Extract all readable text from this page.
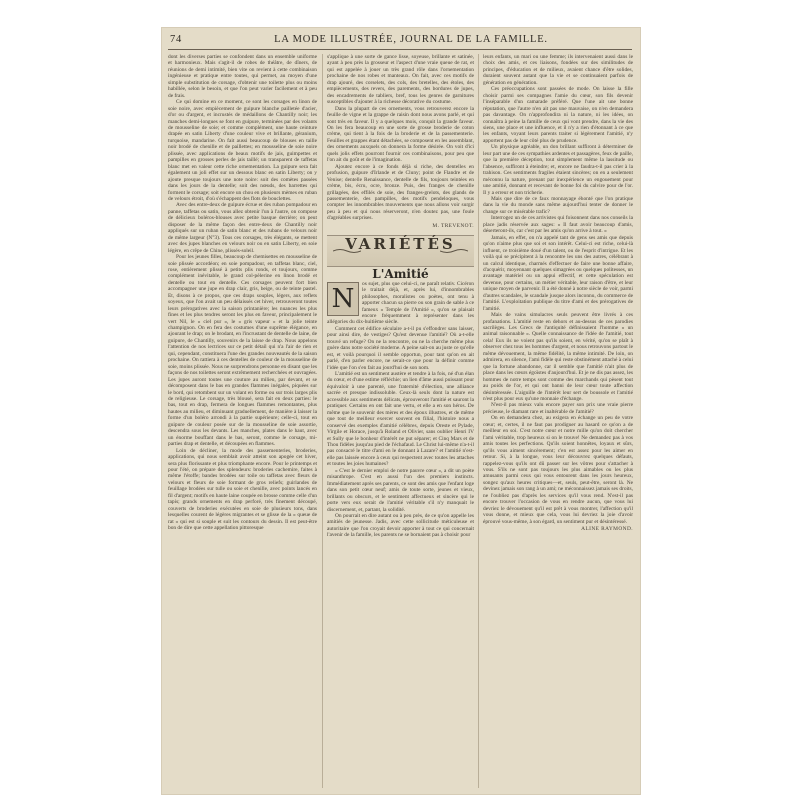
74	LA MODE ILLUSTRÉE, JOURNAL DE LA FAMILLE.

dont les diverses parties se confondent dans un ensemble uniforme et harmonieux. Mais s'agit-il de robes de théâtre, de dîners, de réunions de demi intimité, bien vite on revient à cette combinaison ingénieuse et pratique entre toutes, qui permet, au moyen d'une simple substitution de corsage, d'obtenir une toilette plus ou moins habillée, selon le besoin, et que l'on peut varier facilement et à peu de frais.

Ce qui domine en ce moment, ce sont les corsages en linon de soie noire, avec empiècement de guipure blanche pailletée d'acier, d'or ou d'argent, et incrustés de médaillons de Chantilly noir; les manches demi-longues se font en guipure, terminées par des volants de mousseline de soie; et comme complément, une haute ceinture drapée en satin Liberty d'une couleur vive et brillante, géranium, turquoise, mandarine. On fait aussi beaucoup de blouses en taille noir brodé de chenille et de paillettes; en mousseline de soie noire plissée, avec applications de beaux motifs de jais, guimpettes et pampilles en grosses perles de jais taillé; un transparent de taffetas blanc met en valeur cette riche ornementation. La guipure sera fait également un joli effet sur un dessous blanc en satin Liberty; on y ajoute presque toujours une note noire: soit des comètes passées dans les jours de la dentelle; soit des nœuds, des barrettes qui forment le corsage; soit encore un chou en plusieurs mèmes en ruban de velours étroit, d'où s'échappent des flots de bouclettes.

Avec des entre-deux de guipure écrue et des ruban pompadour en panne, taffetas ou satin, vous allez obtenir l'un à l'autre, on compose de délicieux boléros-blouses avec petite basque derrière; on peut disposer de la même façon des entre-deux de Chantilly noir appliqués sur un ruban de satin blanc et des rubans de velours noir de même largeur (N°3). Tous ces corsages, très élégants, se mettent avec des jupes blanches en velours noir ou en satin Liberty, en soie légère, en crêpe de Chine, plissés-soleil.

Pour les jeunes filles, beaucoup de chemisettes en mousseline de soie plissée accordéon; en soie pompadour, en taffetas blanc, ciel, rose, entièrement plissé à petits plis ronds, et toujours, comme complément inévitable, le grand col-pèlerine en linon brodé et dentelle ou tout en dentelle. Ces corsages peuvent fort bien accompagner une jupe en drap clair, gris, beige, ou de teinte pastel. Et, disons à ce propos, que ces draps souples, légers, aux reflets soyeux, que l'on avait un peu délaissés cet hiver, retrouveront toutes leurs prérogatives avec la saison printanière; les nuances les plus fines et les plus tendres seront les plus en faveur, principalement le vert Nil, le « ciel pur », le « gris vapeur » et la jolie teinte champignon. On en fera des costumes d'une suprême élégance, en ajourant le drap; on le brodant, en l'incrustant de dentelle de laine, de guipure, de Chantilly, souvenirs de la laisse de drap. Nous appelons l'attention de nos lectrices sur ce petit détail qui n'a l'air de rien et qui, cependant, constituera l'une des grandes nouveautés de la saison prochaine. On rattiera à ces dentelles de couleur de la mousseline de soie, moins plissée. Nous ne surprendrons personne en disant que les façons de nos toilettes seront extrêmement recherchées et ouvragées. Les jupes auront toutes une couture au milieu, par devant, et se décomposent dans le bas en grandes flammes inégales, piquées sur le bord, qui retombent sur un volant en forme ou sur trois larges plis de religieuse. Le corsage, très blousé, sera fait en deux parties: le bas, tout en drap, fermera de longues flammes remontantes, plus hautes au milieu, et diminuant graduellement, de manière à laisser la forme d'un boléro arrondi à la partie supérieure; celle-ci, tout en guipure de couleur posée sur de la mousseline de soie assortie, descendra sous les devants. Les manches, plates dans le haut, avec un énorme bouffant dans le bas, seront, comme le corsage, mi-parties drap et dentelle, et découpées en flammes.

Loin de décliner, la mode des passementeries, broderies, applications, qui nous semblait avoir atteint son apogée cet hiver, sera plus florissante et plus triomphante encore. Pour le printemps et pour l'été, on prépare des splendeurs: broderies cachemire, faites à même l'étoffe; bandes brodées sur toile ou taffetas avec fleurs de velours et fleurs de soie formant de gros reliefs; guirlandes de feuillage brodées sur tulle ou soie et chenille, avec points lancés en fil d'argent; motifs en haute laine coupée en brosse comme celle d'un tapis; grands ornements en drap perforé, très finement découpé, couverts de broderies exécutées en soie de plusieurs tons, dans lesquelles courent de légères migrantes et se glisse de la « queue de rat » qui est si souple et suit les contours du dessin. Il est peut-être bon de dire que cette appellation pittoresque

s'applique à une sorte de gance lisse, soyeuse, brillante et satinée, ayant à peu près la grosseur et l'aspect d'une vraie queue de rat, et qui est appelée à jouer un très grand rôle dans l'ornementation prochaine de nos robes et manteaux. On fait, avec ces motifs de drap ajouré, des corselets, des cols, des bretelles, des étoles, des empiècements, des revers, des parements, des bordures de jupes, des encadrements de tabliers, bref, tous les genres de garnitures susceptibles d'ajouter à la richesse décorative du costume.

Dans la plupart de ces ornements, vous retrouverez encore la feuille de vigne et la grappe de raisin dont nous avons parlé, et qui sont très en faveur. Il y a quelques mois, conquit la grande faveur. On les fera beaucoup en une sorte de grosse broderie de coton crème, qui tient à la fois de la broderie et de la passementerie. Feuilles et grappes étant détachées, se composent en les assemblant, des ornements auxquels on donnera la forme désirée. On voit d'ici quels jolis effets pourront fournir ces combinaisons, pour peu que l'on ait du goût et de l'imagination.

Ajoutez encore à ce fonds déjà si riche, des dentelles en profusion, guipure d'Irlande et de Cluny; point de Flandre et de Venise; dentelle Renaissance, dentelle de fils, toujours teintées en crème, bis, écru, ocre, bronze. Puis, des franges de chenille grillagées, des effilés de soie, des franges-grelots, des glands de passementerie, des pampilles, des motifs pendeloques, vous compter les innombrables mouvements que nous allons voir surgir peu à peu et qui nous réserveront, n'en doutez pas, une foule d'agréables surprises.

M. TREVENOT.

VARIÉTÉS
L'Amitié
N	os sujet, plus que celui-ci, ne paraît relativ. Cicéron le traitait déjà, et, après lui, d'innombrables philosophes, moralistes ou poètes, ont tenu à apporter chacun sa pierre ou son grain de sable à ce fameux « Temple de l'Amitié », qu'on se plaisait encore fréquemment à représenter dans les allégories du dix-huitième siècle.

Comment cet édifice séculaire a-t-il pu s'effondrer sans laisser, pour ainsi dire, de vestiges? Qu'est devenue l'amitié? Où a-t-elle trouvé un refuge? On ne la rencontre, ou ne la cherche même plus guère dans notre société moderne. A peine sait-on au juste ce qu'elle est, et voilà pourquoi il semble opportun, pour tant qu'on en ait parlé, d'en parler encore, ne serait-ce que pour la définir comme l'idée que l'on s'en fait au jourd'hui de son nom.

L'amitié est un sentiment austère et tendre à la fois, né d'un élan du cœur, et d'une estime réfléchie; un lien d'âme aussi puissant pour équivaloir à une parenté, une fraternité d'élection, une alliance sacrée et presque indissoluble. Ceux-là seuls dont la nature est accessible aux sentiments délicats, éprouveront l'amitié et sauront la pratiquer. Certains en ont fait une vertu, et elle a en son héros. De même que le souvenir des mères et des époux illustres, et de même que tout de meilleur exercer souvent en filial, l'histoire nous a conservé des exemples d'amitié célèbres, depuis Oreste et Pylade, Virgile et Horace, jusqu'à Roland et Olivier, sans oublier Henri IV et Sully que le bonheur d'intérêt ne put séparer; et Cinq Mars et de Thou fidèles jusqu'au pied de l'échafaud. Le Christ lui-même n'a-t-il pas consacré le titre d'ami en le donnant à Lazare? et l'amitié n'est-elle pas laissée encore à ceux qui respectent avec toutes les attaches et toutes les joies humaines?

« C'est le dernier emploi de notre pauvre cœur », a dit un poète misanthrope. C'est en aussi l'un des premiers instincts. Immédiatement après ses parents, ce sont des amis que l'enfant loge dans son petit cœur neuf; amis de toute sorte, jeunes et vieux, brillants ou obscurs, et le sentiment affectueux et sincère qui le porte vers eux serait de l'amitié véritable s'il n'y manquait le discernement, et, partant, la solidité.

On pourrait en dire autant ou à peu près, de ce qu'on appelle les amitiés de jeunesse. Jadis, avec cette sollicitude méticuleuse et autoritaire que l'on croyait devoir apporter à tout ce qui concernait l'avenir de la famille, les parents ne se bornaient pas à choisir pour

leurs enfants, un mari ou une femme; ils intervenaient aussi dans le choix des amis, et ces liaisons, fondées sur des similitudes de principes, d'éducation et de milieux, avaient chance d'être solides, duraient souvent autant que la vie et se continuaient parfois de génération en génération.

Ces préoccupations sont passées de mode. On laisse la fille choisir parmi ses compagnes l'amie du cœur, son fils devenir l'inséparable d'un camarade préféré. Que l'une ait une bonne réputation, que l'autre n'en ait pas une mauvaise, on n'en demandera pas davantage. On n'approfondira ni la nature, ni les idées, on connaîtra à peine la famille de ceux qui vont prendre, dans la vie des siens, une place et une influence, et il n'y a rien d'étonnant à ce que les enfants, voyant leurs parents traiter si légèrement l'amitié, n'y apportent pas de leur côté plus de prudence.

Un physique agréable, un don brillant suffiront à déterminer de leur part une de ces sympathies ardentes et passagères, feux de paille, que la première déception, tout simplement même la lassitude ou l'absence, suffiront à éteindre; et, encore ne faudra-t-il pas crier à la trahison. Ces sentiments fragiles étaient sincères; on en a seulement méconnu la nature, prenant par inexpérience un engouement pour une amitié, donnant et recevant de bonne foi du calvire pour de l'or. Il y a erreur et non tricherie.

Mais que dire de ce faux monnayage éhonté que l'on pratique dans la vie du monde sans même aujourd'hui tenter de donner le change sur ce misérable trafic?

Interrogez un de ces arrivistes qui foisonnent dans nos conseils la place jadis réservée aux sages: « Il faut avoir beaucoup d'amis, déserteront-ils, car c'est par les amis qu'on arrive à tout. »

Jamais, en effet, on n'a appelé tant de gens ses amis que depuis qu'on n'aime plus que soi et son intérêt. Celui-ci est riche, celui-là influent, ce troisième doué d'un talent, ou de l'esprit d'intrigue. Et les voilà qui se précipitent à la rencontre les uns des autres, célébrant à un calcul identique, charmés d'effectuer de faire une bonne affaire, d'acquérir, moyennant quelques simagrées ou quelques politesses, un avantage matériel ou un appui effectif, et cette spéculation est devenue, pour certains, un métier véritable, leur raison d'être, et leur unique moyen de parvenir. Il a été donné à notre siècle de voir, parmi d'autres scandales, le scandale jusque alors inconnu, du commerce de l'amitié. L'exploitation publique du titre d'ami et des prérogatives de l'amitié.

Mais de vains simulacres seuls peuvent être livrés à ces profanations. L'amitié reste en dehors et au-dessus de ces parodies sacrilèges. Les Grecs de l'antiquité définissaient l'homme « un animal raisonnable ». Quelle connaissance de l'idée de l'amitié, tout cela! Eux ils ne voient pas qu'ils soient, en vérité, qu'on se plaît à observer chez tous les hommes d'argent, et nous retrouvons partout le même dévouement, la même fidélité, la même intimité. De loin, on admirera, en silence, l'ami fidèle qui reste obstinément attaché à celui que la fortune abandonne, car il semble que l'amitié n'ait plus de place dans les cœurs égoïstes d'aujourd'hui. Et je ne dis pas assez, les hommes de notre temps sont comme des marchands qui pèsent tout au poids de l'or, et qui ont banni de leur cœur toute affection désintéressée. L'aiguille de l'intérêt leur sert de boussole et l'amitié n'est plus pour eux qu'une monnaie d'échange.

N'est-il pas mieux valu encore payer son prix une vraie pierre précieuse, le diamant rare et inaltérable de l'amitié?

On en demandera chez, au exigera en échange un peu de votre cœur; et, certes, il ne faut pas prodiguer au hasard ce qu'on a de meilleur en soi. C'est notre cœur et notre mille qu'on doit chercher l'ami véritable, trop heureux si on le trouve! Ne demandez pas à vos amis toutes les perfections. Qu'ils soient honnêtes, loyaux et sûrs, qu'ils vous aiment sincèrement; c'en est assez pour les aimer en retour. Si, à la longue, vous leur découvrez quelques défauts, rappelez-vous qu'ils ont dû passer sur les vôtres pour s'attacher à vous. S'ils ne sont pas toujours les plus aimables ou les plus amusants parmi ceux qui vous entourent dans les jours heureux, songez qu'aux heures critiques—et, seuls, peut-être, seront là. Ne devinez jamais son rang à un ami; ne méconnaissez jamais ses droits, ne l'oubliez pas d'après les services qu'il vous rend. N'est-il pas encore trouver l'occasion de vous en rendre aucun, que vous lui devriez le dévouement qu'il est prêt à vous montrer, l'affection qu'il vous donne, et mieux que cela, vous lui devriez la joie d'avoir éprouvé vous-même, à son égard, un sentiment pur et désintéressé.

ALINE RAYMOND.
